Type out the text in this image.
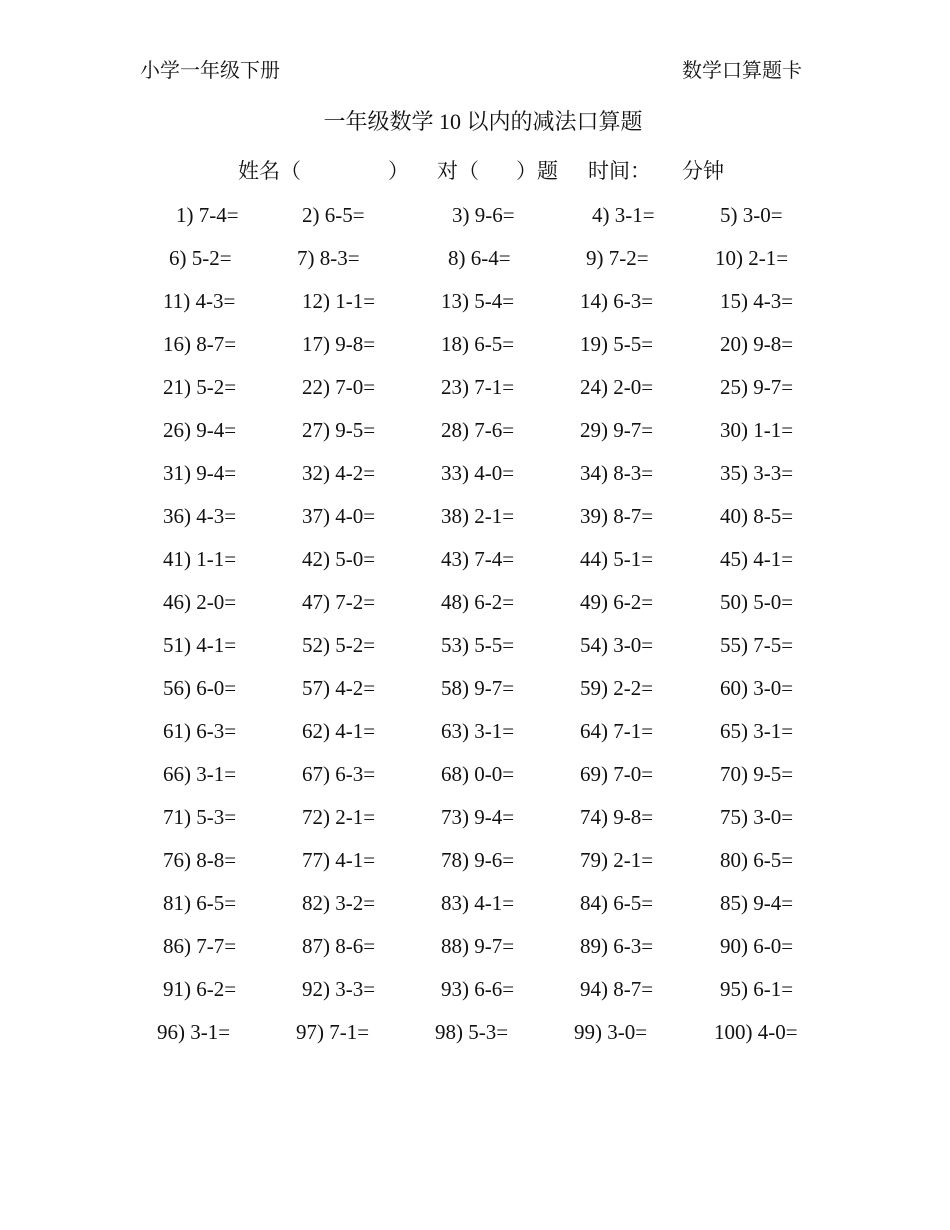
小学一年级下册	数学口算题卡
一年级数学 10 以内的减法口算题
姓名（	） 对（ ）题 时间： 分钟
1) 7-4=	2) 6-5=	3) 9-6=	4) 3-1=	5) 3-0=
6) 5-2=	7) 8-3=	8) 6-4=	9) 7-2=	10) 2-1=
11) 4-3=	12) 1-1=	13) 5-4=	14) 6-3=	15) 4-3=
16) 8-7=	17) 9-8=	18) 6-5=	19) 5-5=	20) 9-8=
21) 5-2=	22) 7-0=	23) 7-1=	24) 2-0=	25) 9-7=
26) 9-4=	27) 9-5=	28) 7-6=	29) 9-7=	30) 1-1=
31) 9-4=	32) 4-2=	33) 4-0=	34) 8-3=	35) 3-3=
36) 4-3=	37) 4-0=	38) 2-1=	39) 8-7=	40) 8-5=
41) 1-1=	42) 5-0=	43) 7-4=	44) 5-1=	45) 4-1=
46) 2-0=	47) 7-2=	48) 6-2=	49) 6-2=	50) 5-0=
51) 4-1=	52) 5-2=	53) 5-5=	54) 3-0=	55) 7-5=
56) 6-0=	57) 4-2=	58) 9-7=	59) 2-2=	60) 3-0=
61) 6-3=	62) 4-1=	63) 3-1=	64) 7-1=	65) 3-1=
66) 3-1=	67) 6-3=	68) 0-0=	69) 7-0=	70) 9-5=
71) 5-3=	72) 2-1=	73) 9-4=	74) 9-8=	75) 3-0=
76) 8-8=	77) 4-1=	78) 9-6=	79) 2-1=	80) 6-5=
81) 6-5=	82) 3-2=	83) 4-1=	84) 6-5=	85) 9-4=
86) 7-7=	87) 8-6=	88) 9-7=	89) 6-3=	90) 6-0=
91) 6-2=	92) 3-3=	93) 6-6=	94) 8-7=	95) 6-1=
96) 3-1=	97) 7-1=	98) 5-3=	99) 3-0=	100) 4-0=
